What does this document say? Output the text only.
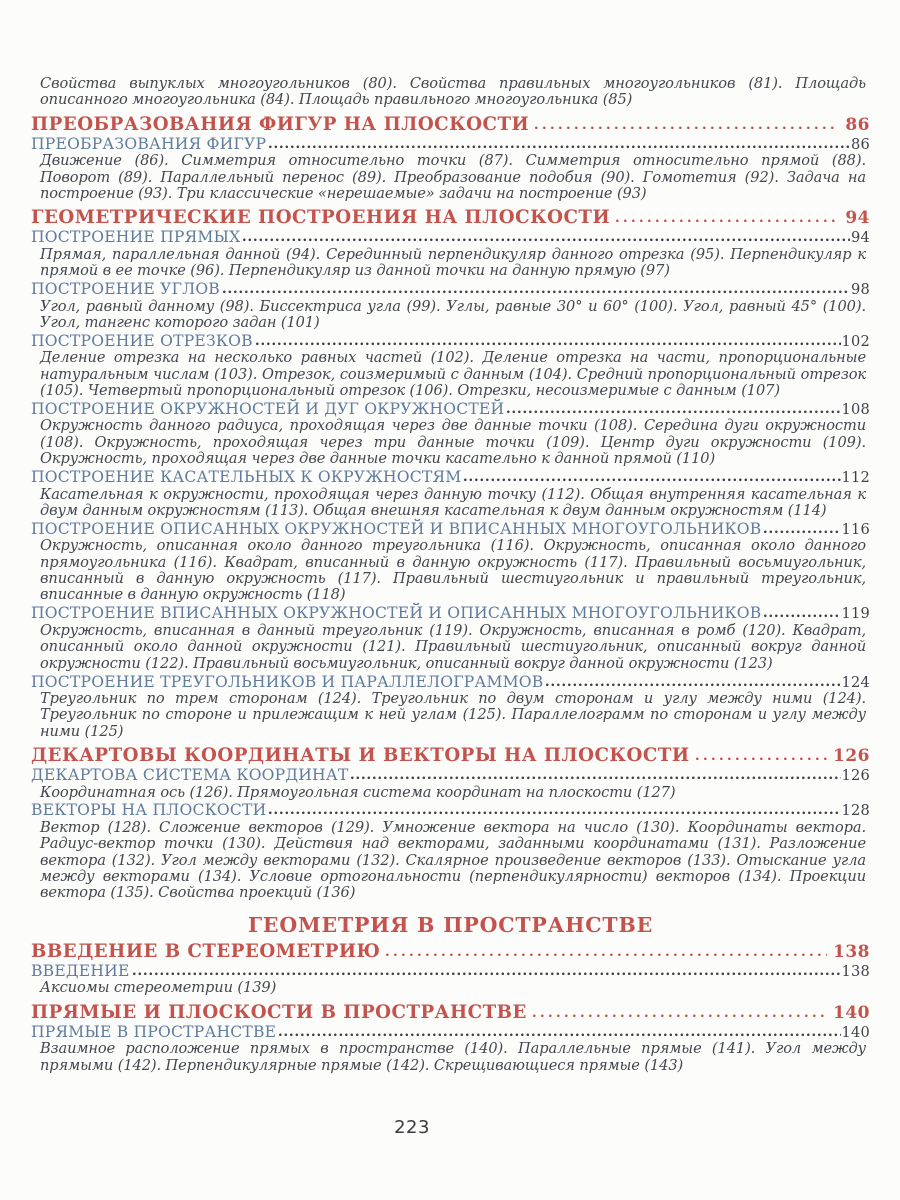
Свойства выпуклых многоугольников (80). Свойства правильных многоугольников (81). Площадь описанного многоугольника (84). Площадь правильного многоугольника (85)

ПРЕОБРАЗОВАНИЯ ФИГУР НА ПЛОСКОСТИ	86
ПРЕОБРАЗОВАНИЯ ФИГУР	86

Движение (86). Симметрия относительно точки (87). Симметрия относительно прямой (88). Поворот (89). Параллельный перенос (89). Преобразование подобия (90). Гомотетия (92). Задача на построение (93). Три классические «нерешаемые» задачи на построение (93)

ГЕОМЕТРИЧЕСКИЕ ПОСТРОЕНИЯ НА ПЛОСКОСТИ	94
ПОСТРОЕНИЕ ПРЯМЫХ	94

Прямая, параллельная данной (94). Серединный перпендикуляр данного отрезка (95). Перпендикуляр к прямой в ее точке (96). Перпендикуляр из данной точки на данную прямую (97)

ПОСТРОЕНИЕ УГЛОВ	98

Угол, равный данному (98). Биссектриса угла (99). Углы, равные 30° и 60° (100). Угол, равный 45° (100). Угол, тангенс которого задан (101)

ПОСТРОЕНИЕ ОТРЕЗКОВ	102

Деление отрезка на несколько равных частей (102). Деление отрезка на части, пропорциональные натуральным числам (103). Отрезок, соизмеримый с данным (104). Средний пропорциональный отрезок (105). Четвертый пропорциональный отрезок (106). Отрезки, несоизмеримые с данным (107)

ПОСТРОЕНИЕ ОКРУЖНОСТЕЙ И ДУГ ОКРУЖНОСТЕЙ	108

Окружность данного радиуса, проходящая через две данные точки (108). Середина дуги окружности (108). Окружность, проходящая через три данные точки (109). Центр дуги окружности (109). Окружность, проходящая через две данные точки касательно к данной прямой (110)

ПОСТРОЕНИЕ КАСАТЕЛЬНЫХ К ОКРУЖНОСТЯМ	112

Касательная к окружности, проходящая через данную точку (112). Общая внутренняя касательная к двум данным окружностям (113). Общая внешняя касательная к двум данным окружностям (114)

ПОСТРОЕНИЕ ОПИСАННЫХ ОКРУЖНОСТЕЙ И ВПИСАННЫХ МНОГОУГОЛЬНИКОВ	116

Окружность, описанная около данного треугольника (116). Окружность, описанная около данного прямоугольника (116). Квадрат, вписанный в данную окружность (117). Правильный восьмиугольник, вписанный в данную окружность (117). Правильный шестиугольник и правильный треугольник, вписанные в данную окружность (118)

ПОСТРОЕНИЕ ВПИСАННЫХ ОКРУЖНОСТЕЙ И ОПИСАННЫХ МНОГОУГОЛЬНИКОВ	119

Окружность, вписанная в данный треугольник (119). Окружность, вписанная в ромб (120). Квадрат, описанный около данной окружности (121). Правильный шестиугольник, описанный вокруг данной окружности (122). Правильный восьмиугольник, описанный вокруг данной окружности (123)

ПОСТРОЕНИЕ ТРЕУГОЛЬНИКОВ И ПАРАЛЛЕЛОГРАММОВ	124

Треугольник по трем сторонам (124). Треугольник по двум сторонам и углу между ними (124). Треугольник по стороне и прилежащим к ней углам (125). Параллелограмм по сторонам и углу между ними (125)

ДЕКАРТОВЫ КООРДИНАТЫ И ВЕКТОРЫ НА ПЛОСКОСТИ	126
ДЕКАРТОВА СИСТЕМА КООРДИНАТ	126

Координатная ось (126). Прямоугольная система координат на плоскости (127)

ВЕКТОРЫ НА ПЛОСКОСТИ	128

Вектор (128). Сложение векторов (129). Умножение вектора на число (130). Координаты вектора. Радиус-вектор точки (130). Действия над векторами, заданными координатами (131). Разложение вектора (132). Угол между векторами (132). Скалярное произведение векторов (133). Отыскание угла между векторами (134). Условие ортогональности (перпендикулярности) векторов (134). Проекции вектора (135). Свойства проекций (136)

ГЕОМЕТРИЯ В ПРОСТРАНСТВЕ
ВВЕДЕНИЕ В СТЕРЕОМЕТРИЮ	138
ВВЕДЕНИЕ	138

Аксиомы стереометрии (139)

ПРЯМЫЕ И ПЛОСКОСТИ В ПРОСТРАНСТВЕ	140
ПРЯМЫЕ В ПРОСТРАНСТВЕ	140

Взаимное расположение прямых в пространстве (140). Параллельные прямые (141). Угол между прямыми (142). Перпендикулярные прямые (142). Скрещивающиеся прямые (143)

223
